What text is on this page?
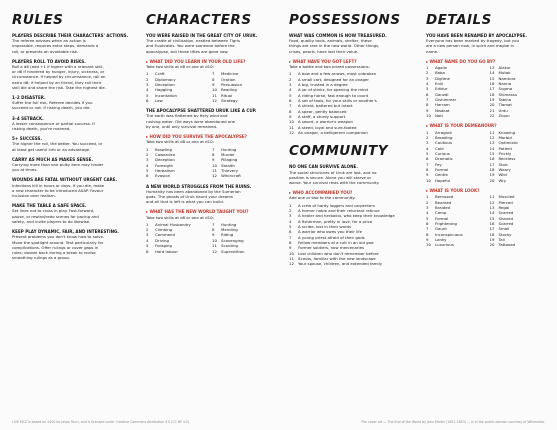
RULES
PLAYERS DESCRIBE THEIR CHARACTERS' ACTIONS.
The referee advises when an action is
impossible, requires extra steps, demands a
roll, or presents an avoidable risk.
PLAYERS ROLL TO AVOID RISKS.
Roll a d6 (add +1 if higher with a relevant skill,
or d6 if hindered by hunger, injury, sickness, or
circumstance. If helped by circumstance, roll an
extra d6; if helped by an friend, they roll their
skill die and share the risk. Take the highest die.
1–2 DISASTER.
Suffer the full risk. Referee decides if you
succeed or not. If risking death, you die.
3–4 SETBACK.
A lesser consequence or partial success. If
risking death, you're maimed.
5+ SUCCESS.
The higher the roll, the better. You succeed, or
at least get useful info or an advantage.
CARRY AS MUCH AS MAKES SENSE.
Carrying more than one bulky item may hinder
you at times.
WOUNDS ARE FATAL WITHOUT URGENT CARE.
Infections kill in hours or days. If you die, make
a new character to be introduced ASAP. Favour
inclusion over realism.
MAKE THE TABLE A SAFE SPACE.
Set lines not to cross in play. Fast-forward,
pause, or rewind/redo scenes for pacing and
safety, and invite players to do likewise.
KEEP PLAY DYNAMIC, FAIR, AND INTERESTING.
Present problems you don't know how to solve.
Move the spotlight around. Test particularly for
complications. Offer rulings or cover gaps in
rules; double back during a break to revise
smoothing rulings as a group.
CHARACTERS
YOU WERE RAISED IN THE GREAT CITY OF URUK.
The cradle of civilisation, nestled between Tigris
and Euphrates. You were someone before the
apocalypse, but those titles are gone now.
▸ WHAT DID YOU LEARN IN YOUR OLD LIFE?
Take two skills at d8 or one at d10:
1	Craft	7	Medicine
2	Diplomacy	8	Oration
3	Deception	9	Persuasion
4	Haggling	10	Reading
5	Incantation	11	Ritual
6	Law	12	Strategy
THE APOCALYPSE SHATTERED URUK LIKE A CUP.
The earth was flattened by fiery wind and
rushing water. Old ways were abandoned one
by one, until only survival remained.
▸ HOW DID YOU SURVIVE THE APOCALYPSE?
Take two skills at d8 or one at d10:
1	Brawling	7	Hunting
2	Cowardice	8	Murder
3	Deception	9	Pillaging
4	Foresight	10	Stealth
5	Herbalism	11	Thievery
6	Evasion	12	Witchcraft
A NEW WORLD STRUGGLES FROM THE RUINS.
Humanity has been abandoned by the Sumerian
gods. The ghosts of Uruk haunt your dreams
and all that is left is what you can build.
▸ WHAT HAS THE NEW WORLD TAUGHT YOU?
Take two skills at d8 or one at d10:
1	Animal Husbandry	7	Hunting
2	Climbing	8	Mending
3	Command	9	Riding
4	Driving	10	Scavenging
5	Foraging	11	Scouting
6	Hard labour	12	Superstition
POSSESSIONS
WHAT WAS COMMON IS NOW TREASURED.
Food, quality tools, animals, shelter, these
things are rare in the new world. Other things,
crises, pearls, have lost their value.
▸ WHAT HAVE YOU GOT LEFT?
Take a bottle and two prized possessions:
1	A bow and a few arrows, most unbroken
2	A small cart, designed for an onager
3	A big, trusted in a degree
4	A jar of stinkz, for opening the mind
5	A riding horse, fast enough to count
6	A set of tools, for your skills or another's
7	A shield, battered but intact
8	A spear, gently balanced
9	A staff, a sturdy support
10	A sword, a warrior's weapon
11	A steed, loyal and sure-footed
12	An onager, a belligerent companion
COMMUNITY
NO ONE CAN SURVIVE ALONE.
The social structures of Uruk are lost, and no
position is secure. Alone you will starve or
worse. Your survival rests with the community.
▸ WHO ACCOMPANIED YOU?
Add one or two to the community:
1	A crew of hardy loggers and carpenters
2	A former noble and their reluctant retinue
3	A healer and herbalist, who keep their knowledge
4	A fisherman, pretty in love, for a price
5	A scribe, lost in their words
6	A warrior who owes you their life
7	A young priest afraid of their gods
8	Fellow members of a cult in an old god
9	Former soldiers, now mercenaries
10	Lost children who don't remember before
11	Scouts, familiar with the new landscape
12	Your spouse, children, and extended family
DETAILS
YOU HAVE BEEN RENAMED BY APOCALYPSE.
Everyone has been marked by tragedy, but you
are a new person now, in spirit and maybe in
name.
▸ WHAT NAME DO YOU GO BY?
1	Agalin	13	Alakur
2	Baba	14	Mutak
3	Diglime	15	Namtura
4	Enlil	16	Nanna
5	Edidur	17	Sugma
6	Ganzdi	18	Shimassu
7	Gishimmar	19	Tabina
8	Harram	20	Tiamat
9	Nisakat	21	Urdu
10	Noti	22	Ziqun
▸ WHAT IS YOUR DEMEANOUR?
1	Arrogant	11	Knowing
2	Brooding	12	Morbid
3	Cautious	13	Optimistic
4	Cold	14	Patient
5	Curious	15	Prickly
6	Dramatic	16	Reckless
7	Fey	17	Stoic
8	Formal	18	Weary
9	Gentle	19	Wild
10	Hopeful	20	Wry
▸ WHAT IS YOUR LOOK?
1	Bemused	11	Muscled
2	Bearded	12	Pierced
3	Braided	13	Regal
4	Camp	14	Scarred
5	Formal	15	Shaved
6	Frightening	16	Scarred
7	Gaunt	17	Small
8	Inconspicuous	18	Stocky
9	Lanky	19	Tall
10	Luxurious	20	Tattooed
LIVE MCZ is based on 2400 by Jason Tocci, and is licensed under Creative Commons Attribution 4.0 (CC BY 4.0).	The cover art — The End of the World by John Martin (1851-1853) — is in the public domain courtesy of Wikimedia.
